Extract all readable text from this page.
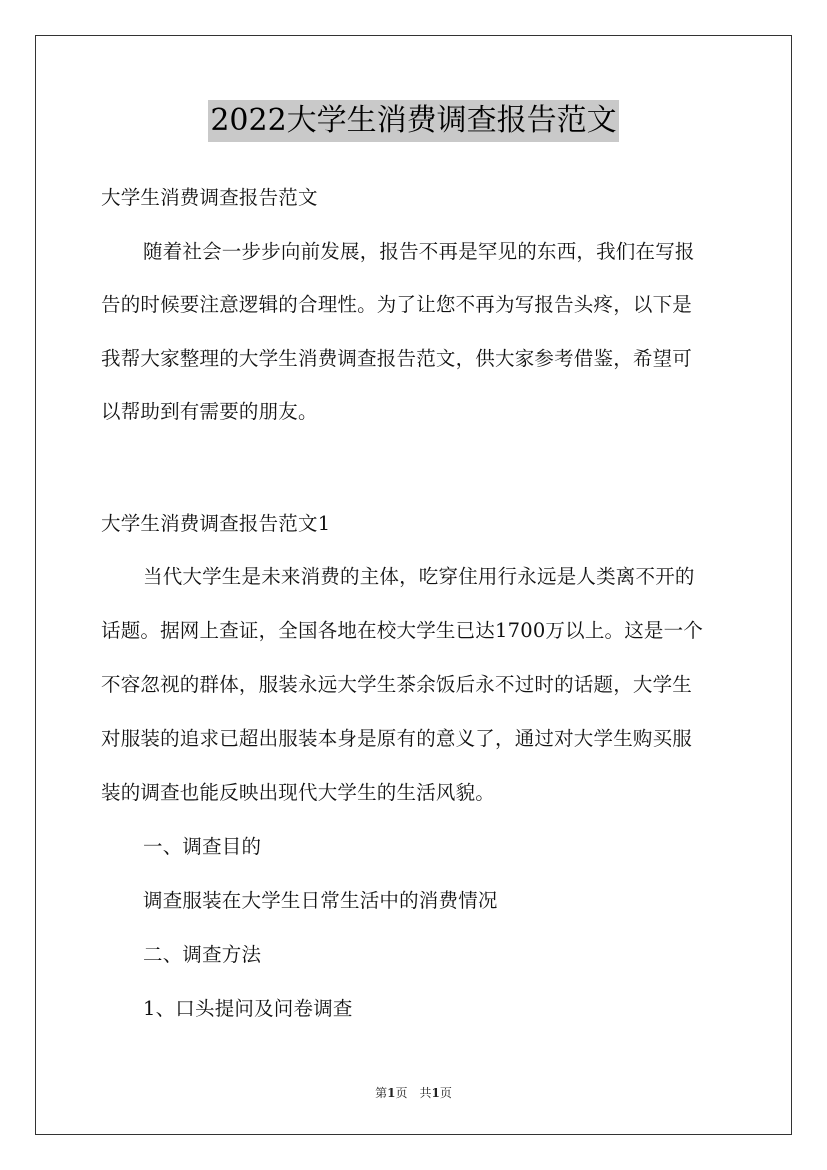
2022大学生消费调查报告范文
大学生消费调查报告范文
随着社会一步步向前发展，报告不再是罕见的东西，我们在写报
告的时候要注意逻辑的合理性。为了让您不再为写报告头疼，以下是
我帮大家整理的大学生消费调查报告范文，供大家参考借鉴，希望可
以帮助到有需要的朋友。
大学生消费调查报告范文1
当代大学生是未来消费的主体，吃穿住用行永远是人类离不开的
话题。据网上查证，全国各地在校大学生已达1700万以上。这是一个
不容忽视的群体，服装永远大学生茶余饭后永不过时的话题，大学生
对服装的追求已超出服装本身是原有的意义了，通过对大学生购买服
装的调查也能反映出现代大学生的生活风貌。
一、调查目的
调查服装在大学生日常生活中的消费情况
二、调查方法
1、口头提问及问卷调查
第1页　共1页
